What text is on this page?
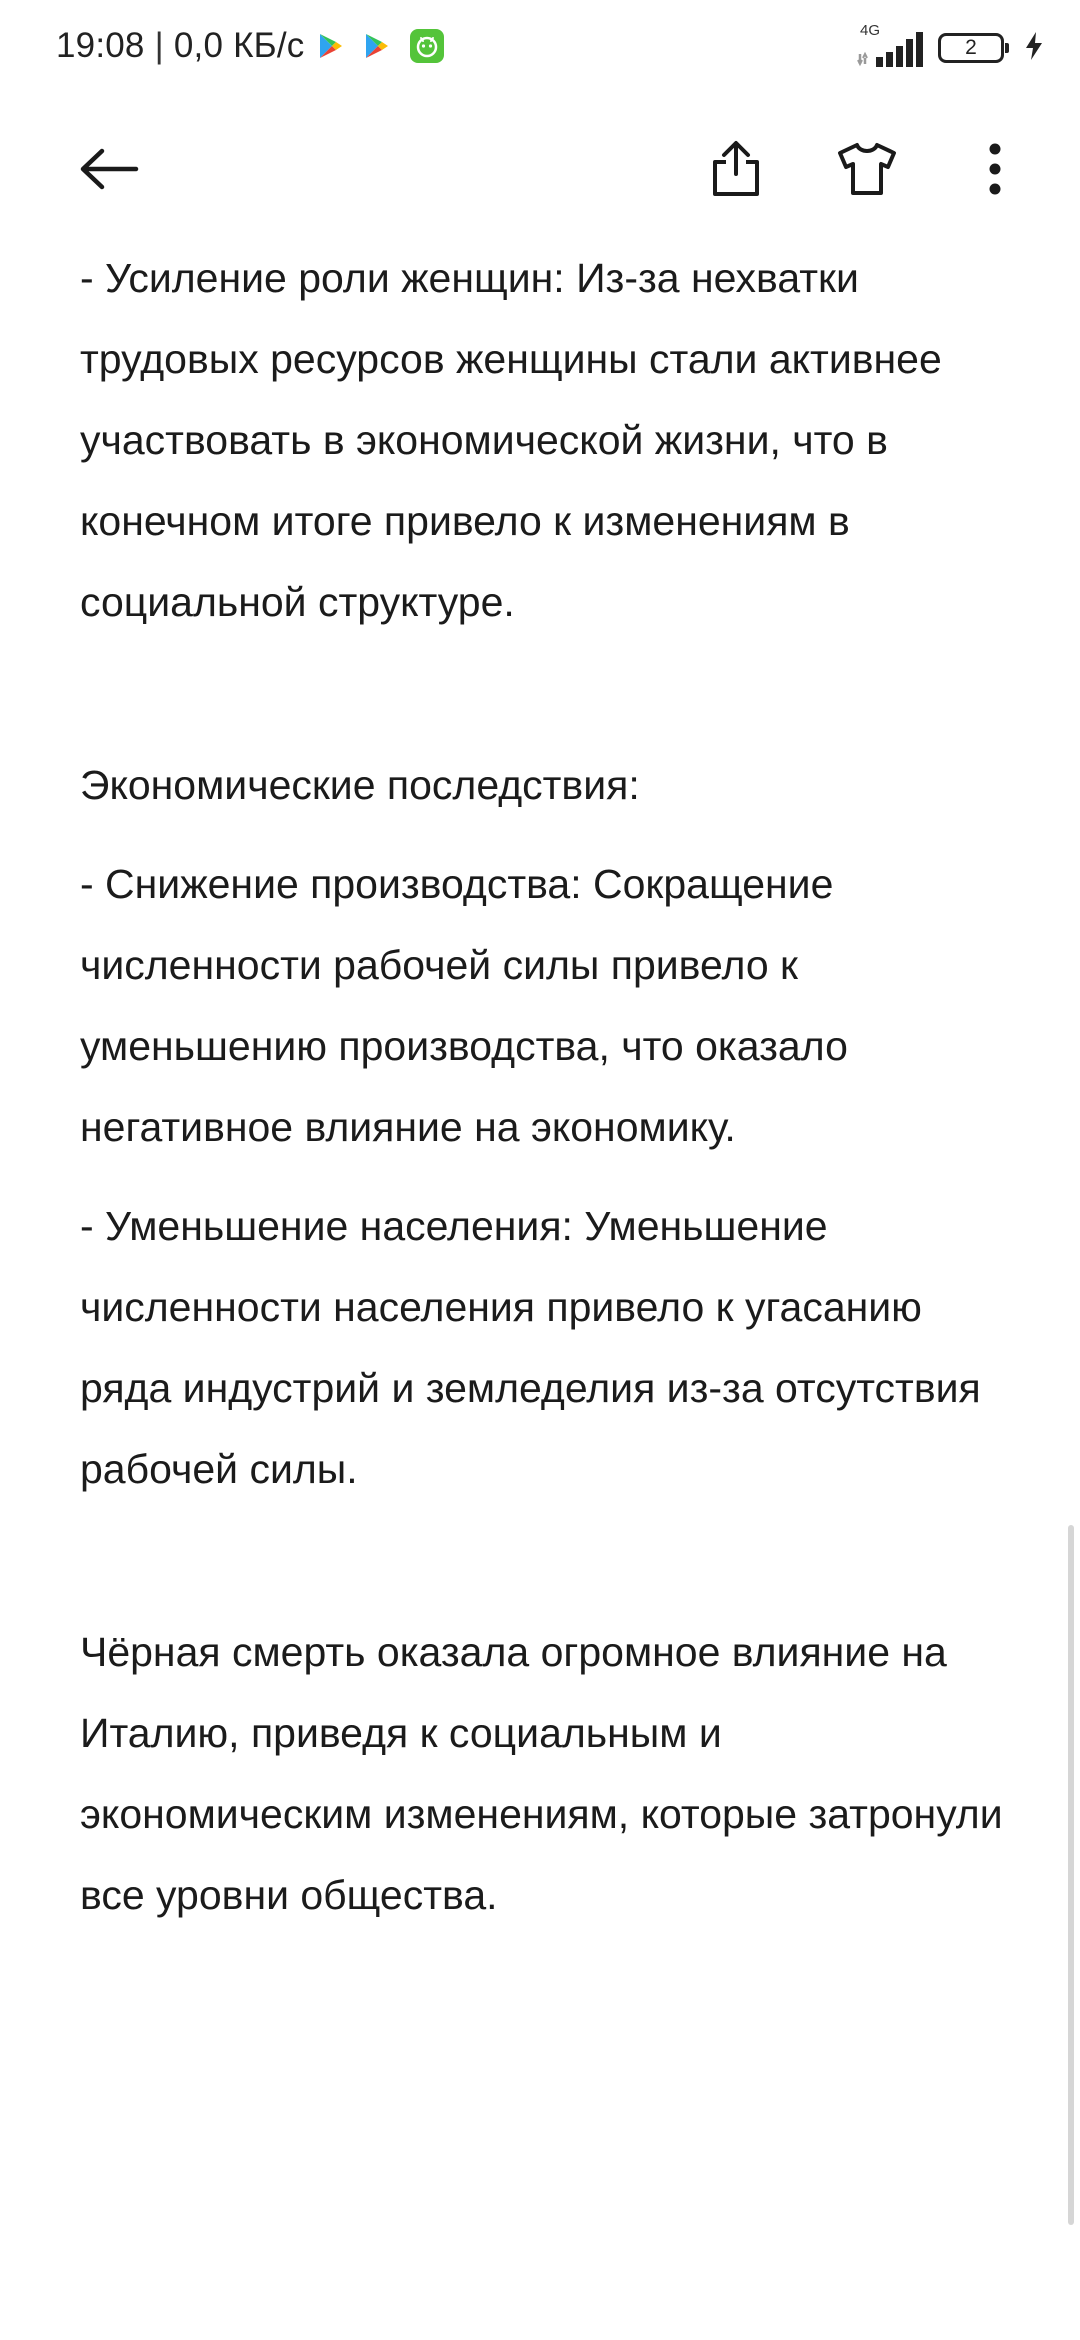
19:08 | 0,0 КБ/с	4G
2

- Усиление роли женщин: Из-за нехватки трудовых ресурсов женщины стали активнее участвовать в экономической жизни, что в конечном итоге привело к изменениям в социальной структуре.

Экономические последствия:

- Снижение производства: Сокращение численности рабочей силы привело к уменьшению производства, что оказало негативное влияние на экономику.

- Уменьшение населения: Уменьшение численности населения привело к угасанию ряда индустрий и земледелия из-за отсутствия рабочей силы.

Чёрная смерть оказала огромное влияние на Италию, приведя к социальным и экономическим изменениям, которые затронули все уровни общества.
